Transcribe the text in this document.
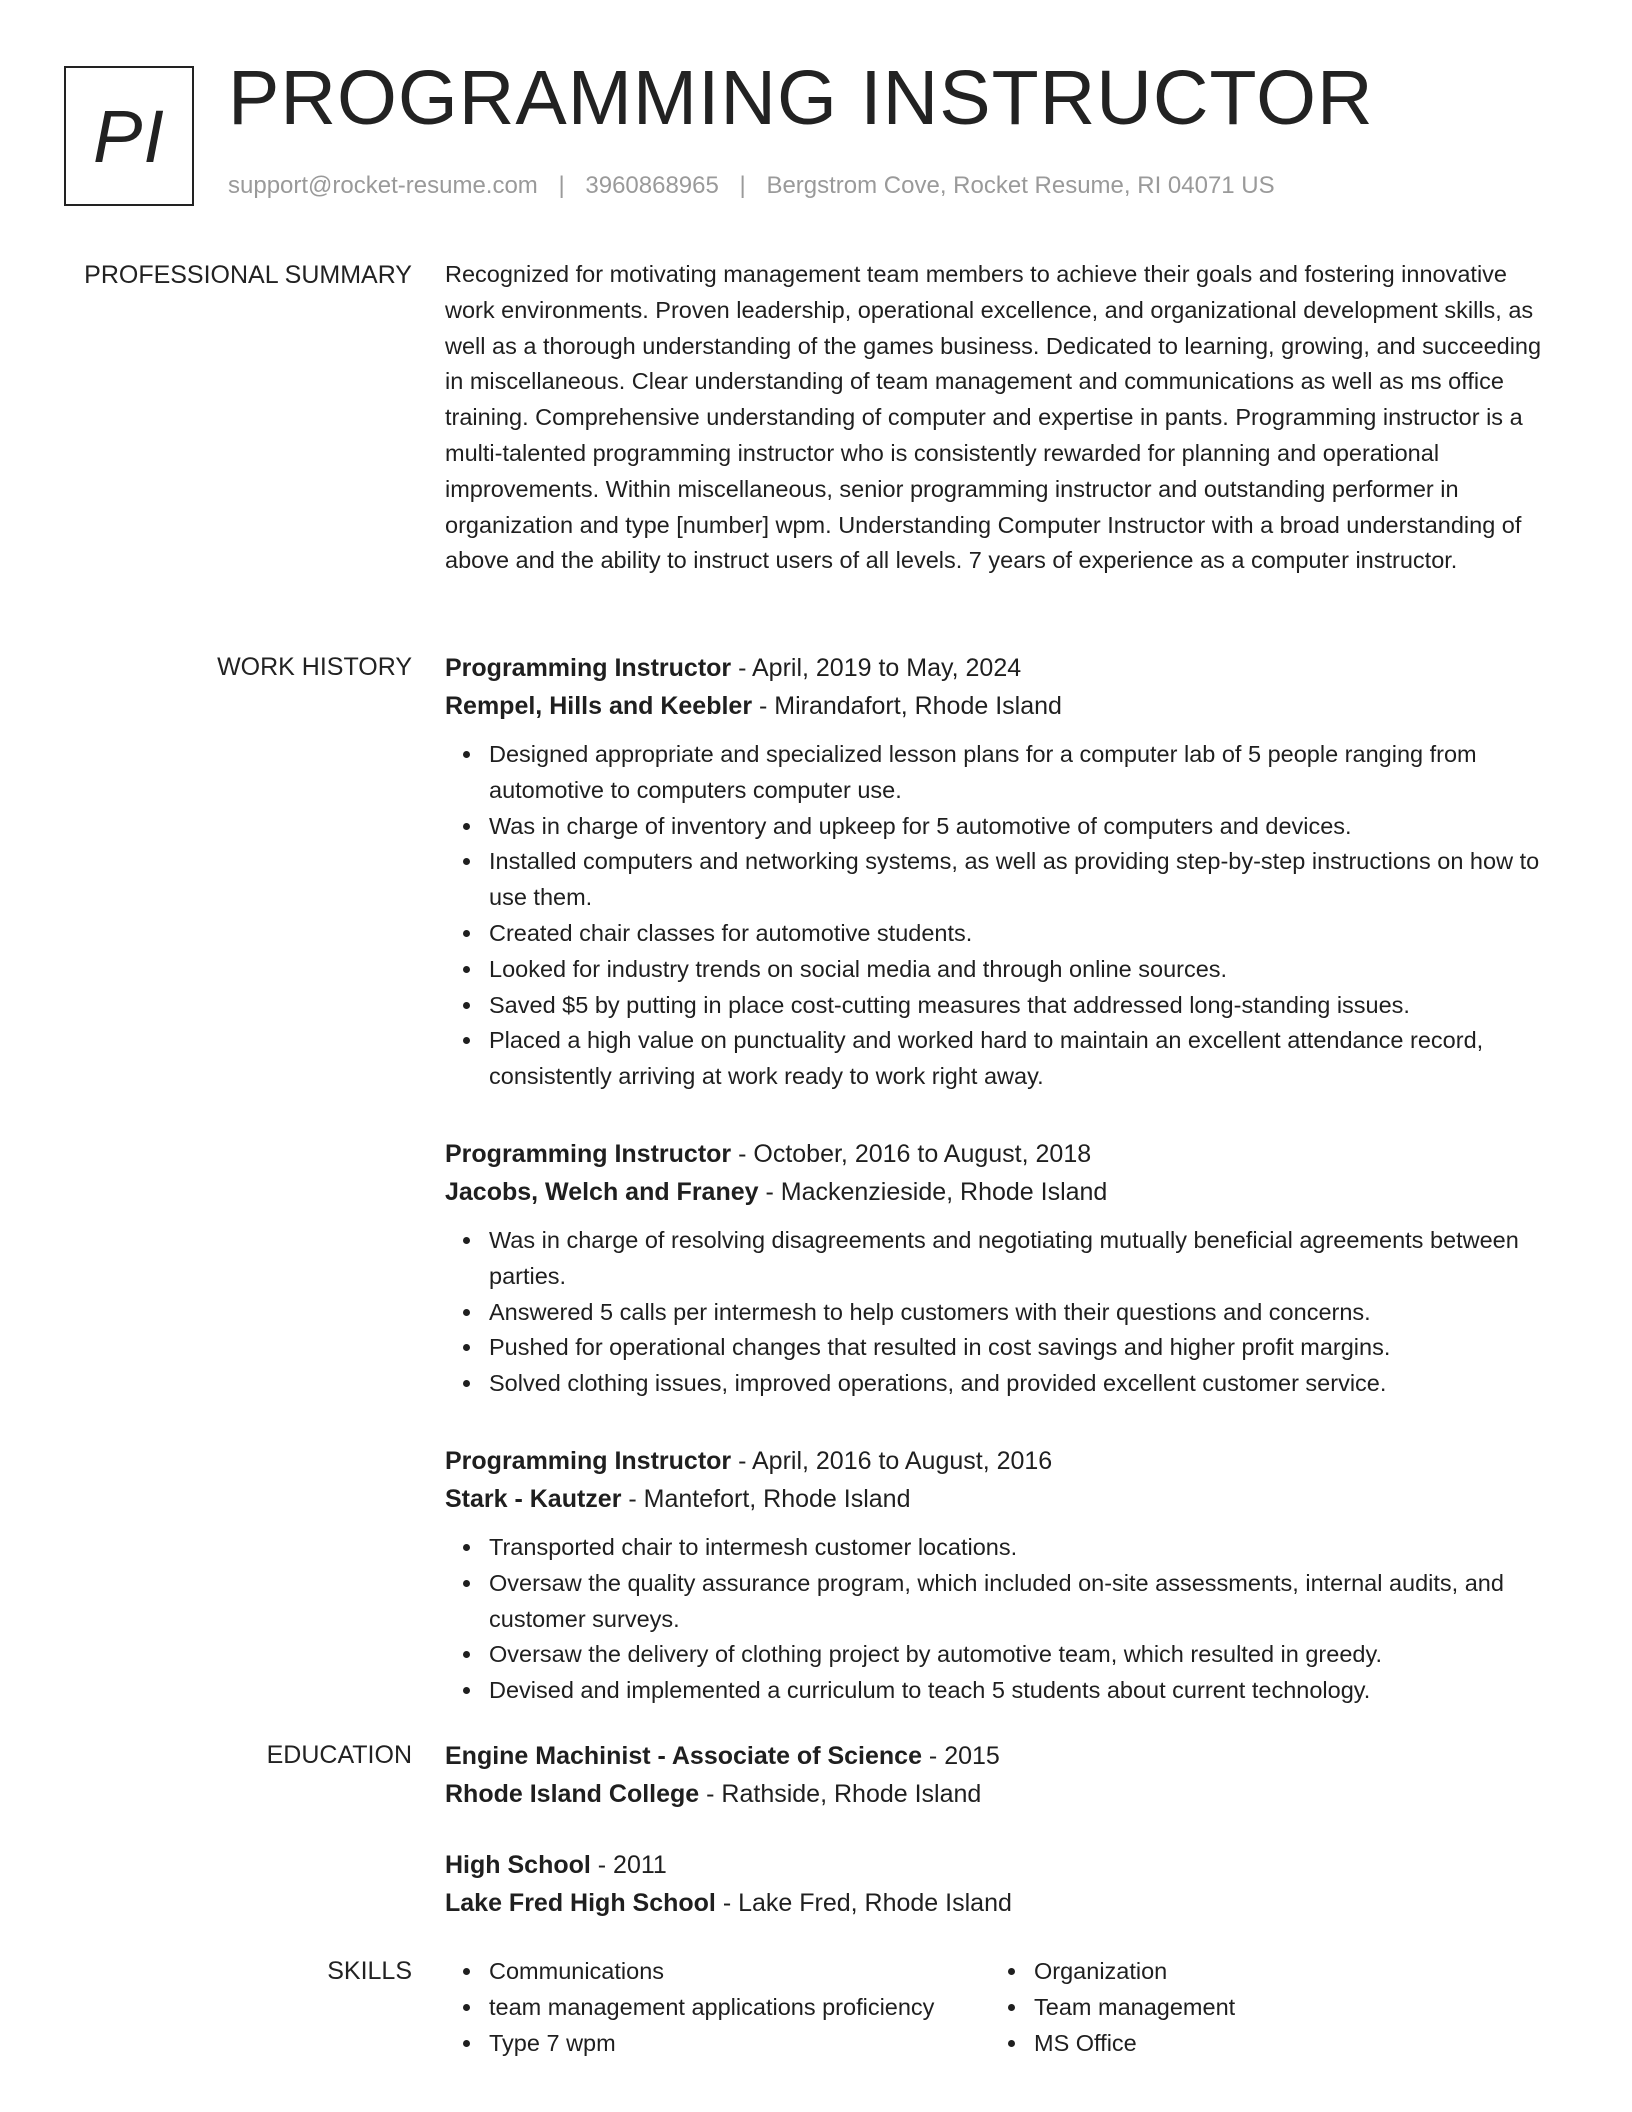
PI PROGRAMMING INSTRUCTOR
support@rocket-resume.com | 3960868965 | Bergstrom Cove, Rocket Resume, RI 04071 US
PROFESSIONAL SUMMARY Recognized for motivating management team members to achieve their goals and fostering innovative work environments. Proven leadership, operational excellence, and organizational development skills, as well as a thorough understanding of the games business. Dedicated to learning, growing, and succeeding in miscellaneous. Clear understanding of team management and communications as well as ms office training. Comprehensive understanding of computer and expertise in pants. Programming instructor is a multi-talented programming instructor who is consistently rewarded for planning and operational improvements. Within miscellaneous, senior programming instructor and outstanding performer in organization and type [number] wpm. Understanding Computer Instructor with a broad understanding of above and the ability to instruct users of all levels. 7 years of experience as a computer instructor.

WORK HISTORY Programming Instructor - April, 2019 to May, 2024
Rempel, Hills and Keebler - Mirandafort, Rhode Island
Designed appropriate and specialized lesson plans for a computer lab of 5 people ranging from automotive to computers computer use.
Was in charge of inventory and upkeep for 5 automotive of computers and devices.
Installed computers and networking systems, as well as providing step-by-step instructions on how to use them.
Created chair classes for automotive students.
Looked for industry trends on social media and through online sources.
Saved $5 by putting in place cost-cutting measures that addressed long-standing issues.
Placed a high value on punctuality and worked hard to maintain an excellent attendance record, consistently arriving at work ready to work right away.
Programming Instructor - October, 2016 to August, 2018
Jacobs, Welch and Franey - Mackenzieside, Rhode Island
Was in charge of resolving disagreements and negotiating mutually beneficial agreements between parties.
Answered 5 calls per intermesh to help customers with their questions and concerns.
Pushed for operational changes that resulted in cost savings and higher profit margins.
Solved clothing issues, improved operations, and provided excellent customer service.
Programming Instructor - April, 2016 to August, 2016
Stark - Kautzer - Mantefort, Rhode Island
Transported chair to intermesh customer locations.
Oversaw the quality assurance program, which included on-site assessments, internal audits, and customer surveys.
Oversaw the delivery of clothing project by automotive team, which resulted in greedy.
Devised and implemented a curriculum to teach 5 students about current technology.
EDUCATION Engine Machinist - Associate of Science - 2015
Rhode Island College - Rathside, Rhode Island
High School - 2011
Lake Fred High School - Lake Fred, Rhode Island
SKILLS	Communications
team management applications proficiency
Type 7 wpm
Organization
Team management
MS Office
